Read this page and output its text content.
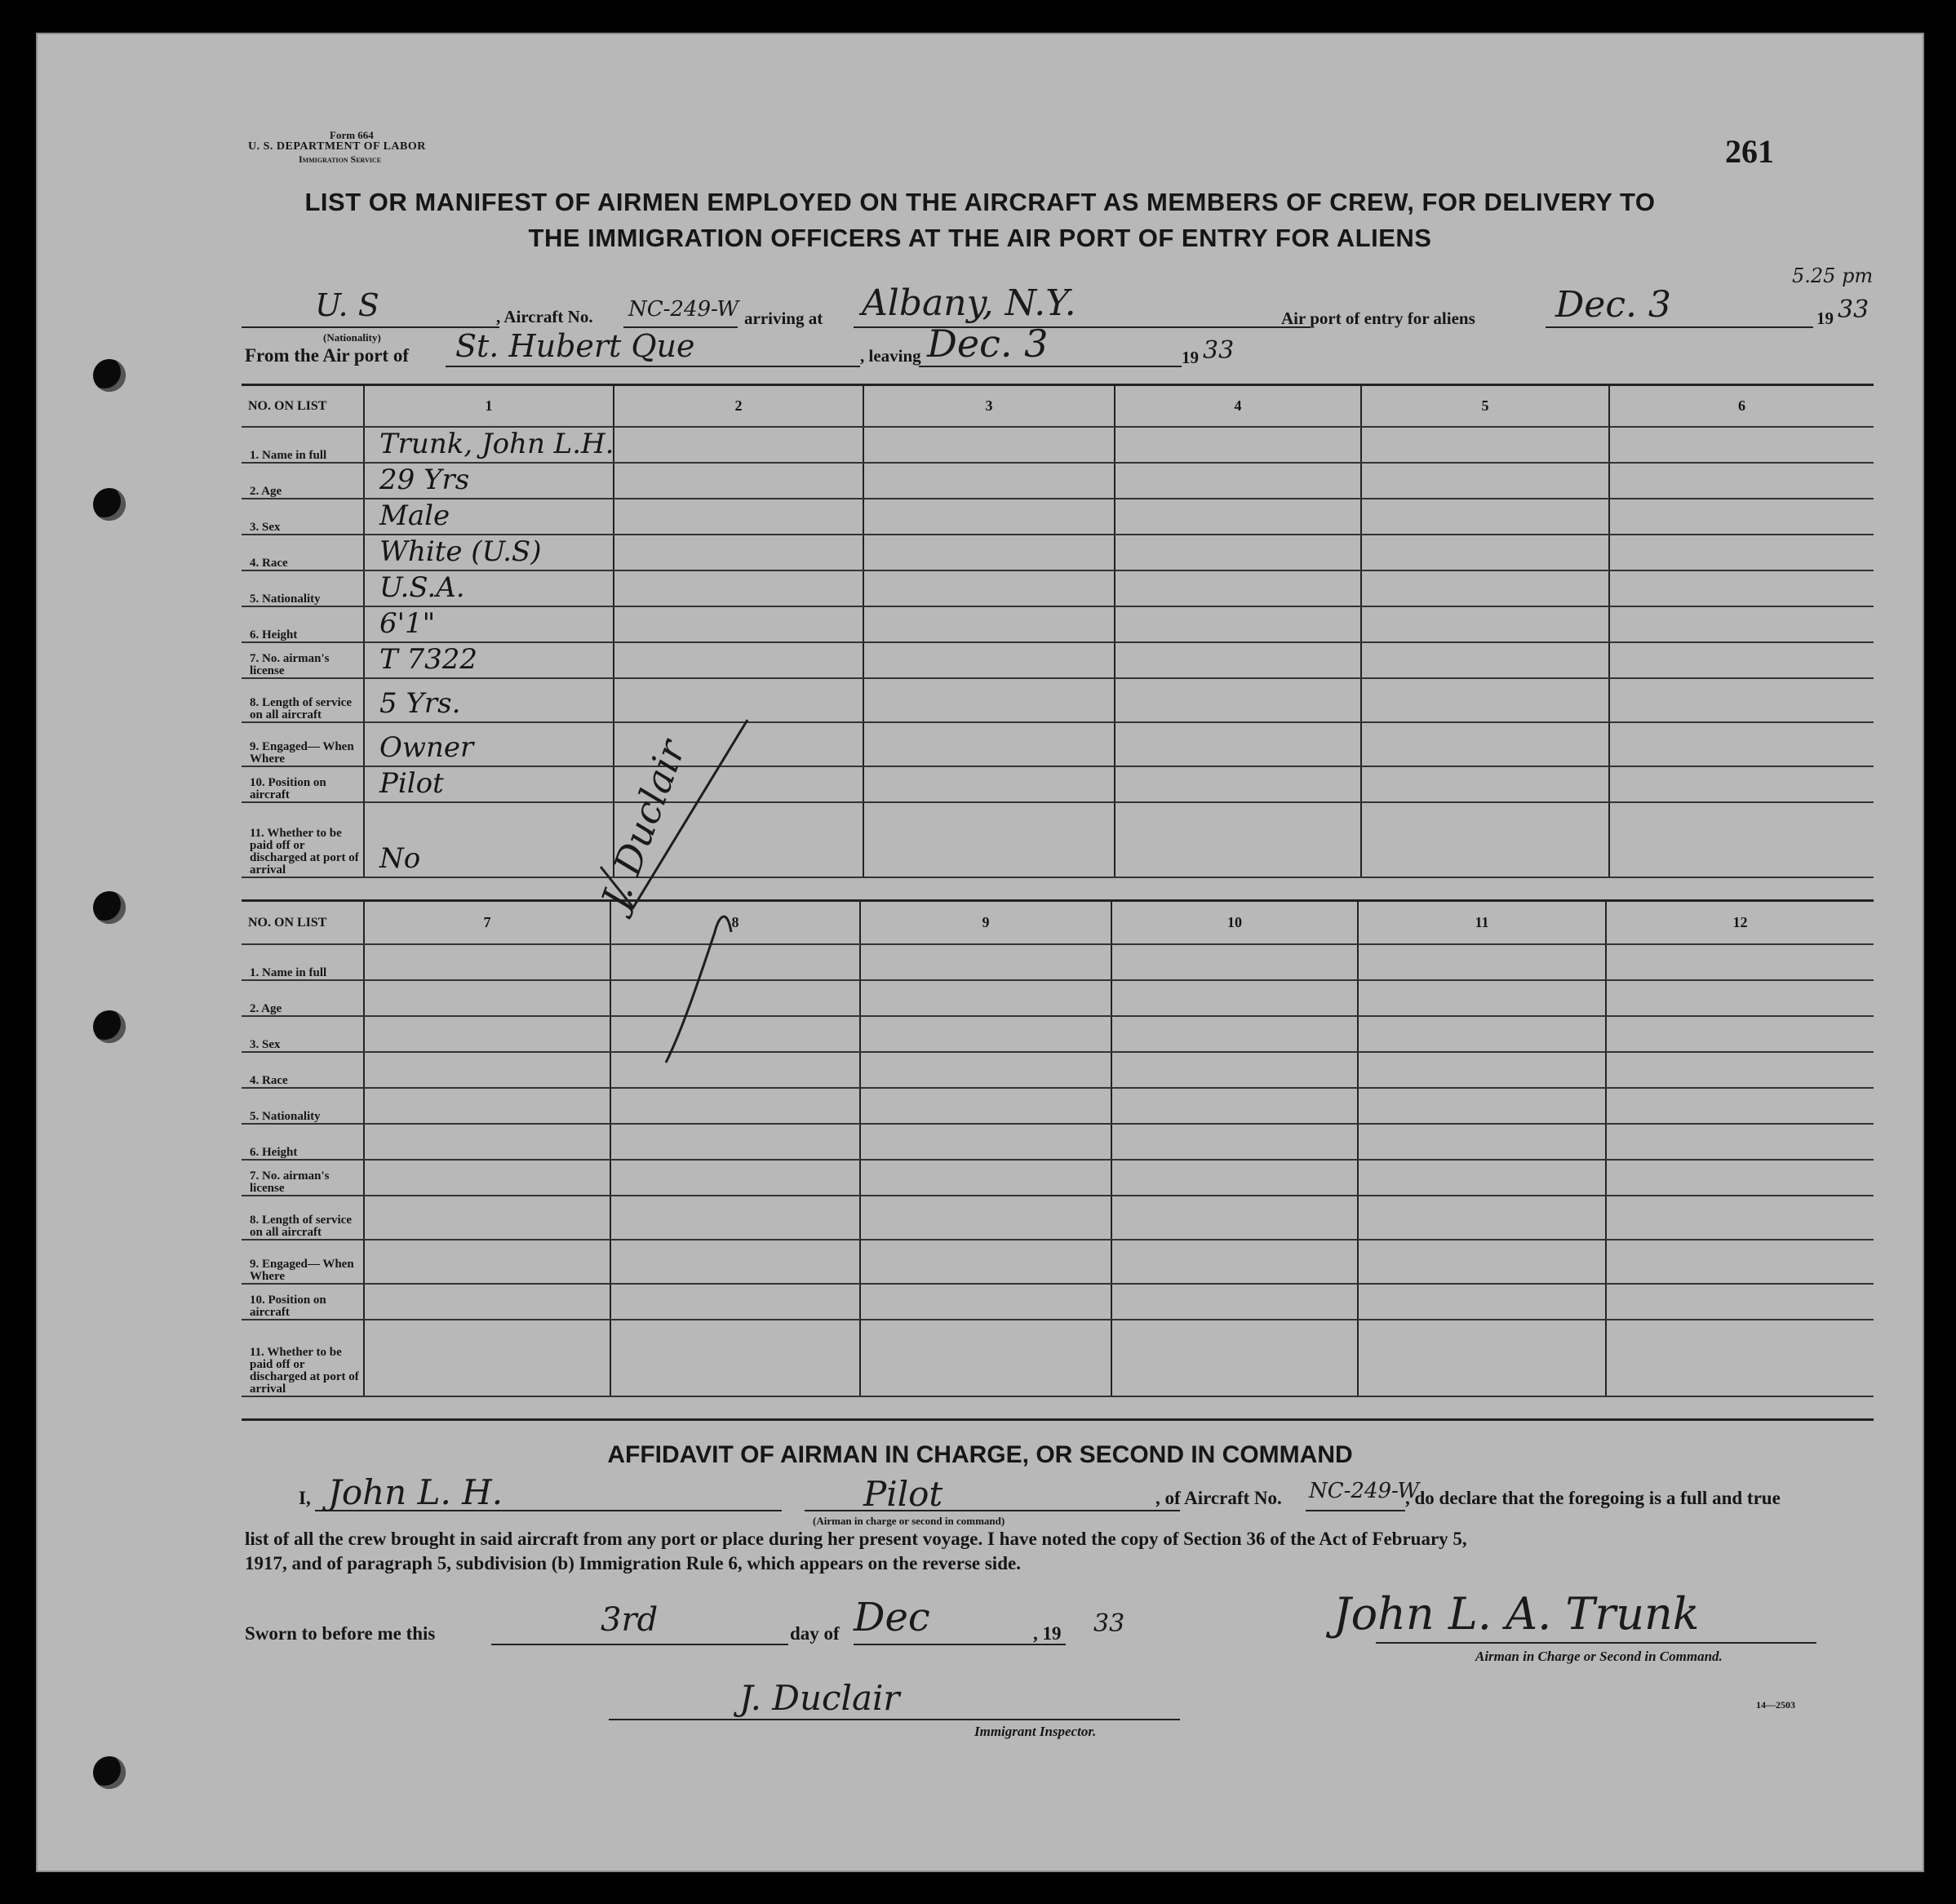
Form 664
U. S. DEPARTMENT OF LABOR
Immigration Service	261
LIST OR MANIFEST OF AIRMEN EMPLOYED ON THE AIRCRAFT AS MEMBERS OF CREW, FOR DELIVERY TO
THE IMMIGRATION OFFICERS AT THE AIR PORT OF ENTRY FOR ALIENS
5.25 pm
U. S
(Nationality)
, Aircraft No. NC-249-W arriving at Albany, N.Y.	Air port of entry for aliens Dec. 3	19 33
From the Air port of St. Hubert Que	, leaving Dec. 3	19 33
NO. ON LIST	1	2	3	4	5	6
1. Name in full	Trunk, John L.H.					

2. Age	29 Yrs					

3. Sex	Male					

4. Race	White (U.S)					

5. Nationality	U.S.A.					

6. Height	6'1"					

7. No. airman's license	T 7322					

8. Length of service on all aircraft	5 Yrs.					

9. Engaged— When Where	Owner					

10. Position on aircraft	Pilot					

11. Whether to be paid off or discharged at port of arrival	No					

NO. ON LIST	7	8	9	10	11	12
1. Name in full						
2. Age						
3. Sex						
4. Race						
5. Nationality						
6. Height						
7. No. airman's license						
8. Length of service on all aircraft						
9. Engaged— When Where						
10. Position on aircraft						
11. Whether to be paid off or discharged at port of arrival						
J. Duclair
AFFIDAVIT OF AIRMAN IN CHARGE, OR SECOND IN COMMAND
I, John L. H.	Pilot
(Airman in charge or second in command)
, of Aircraft No. NC-249-W
, do declare that the foregoing is a full and true
list of all the crew brought in said aircraft from any port or place during her present voyage. I have noted the copy of Section 36 of the Act of February 5,
1917, and of paragraph 5, subdivision (b) Immigration Rule 6, which appears on the reverse side.
Sworn to before me this	3rd	day of Dec	, 19 33	John L. A. Trunk
Airman in Charge or Second in Command.
J. Duclair
Immigrant Inspector.
14—2503
